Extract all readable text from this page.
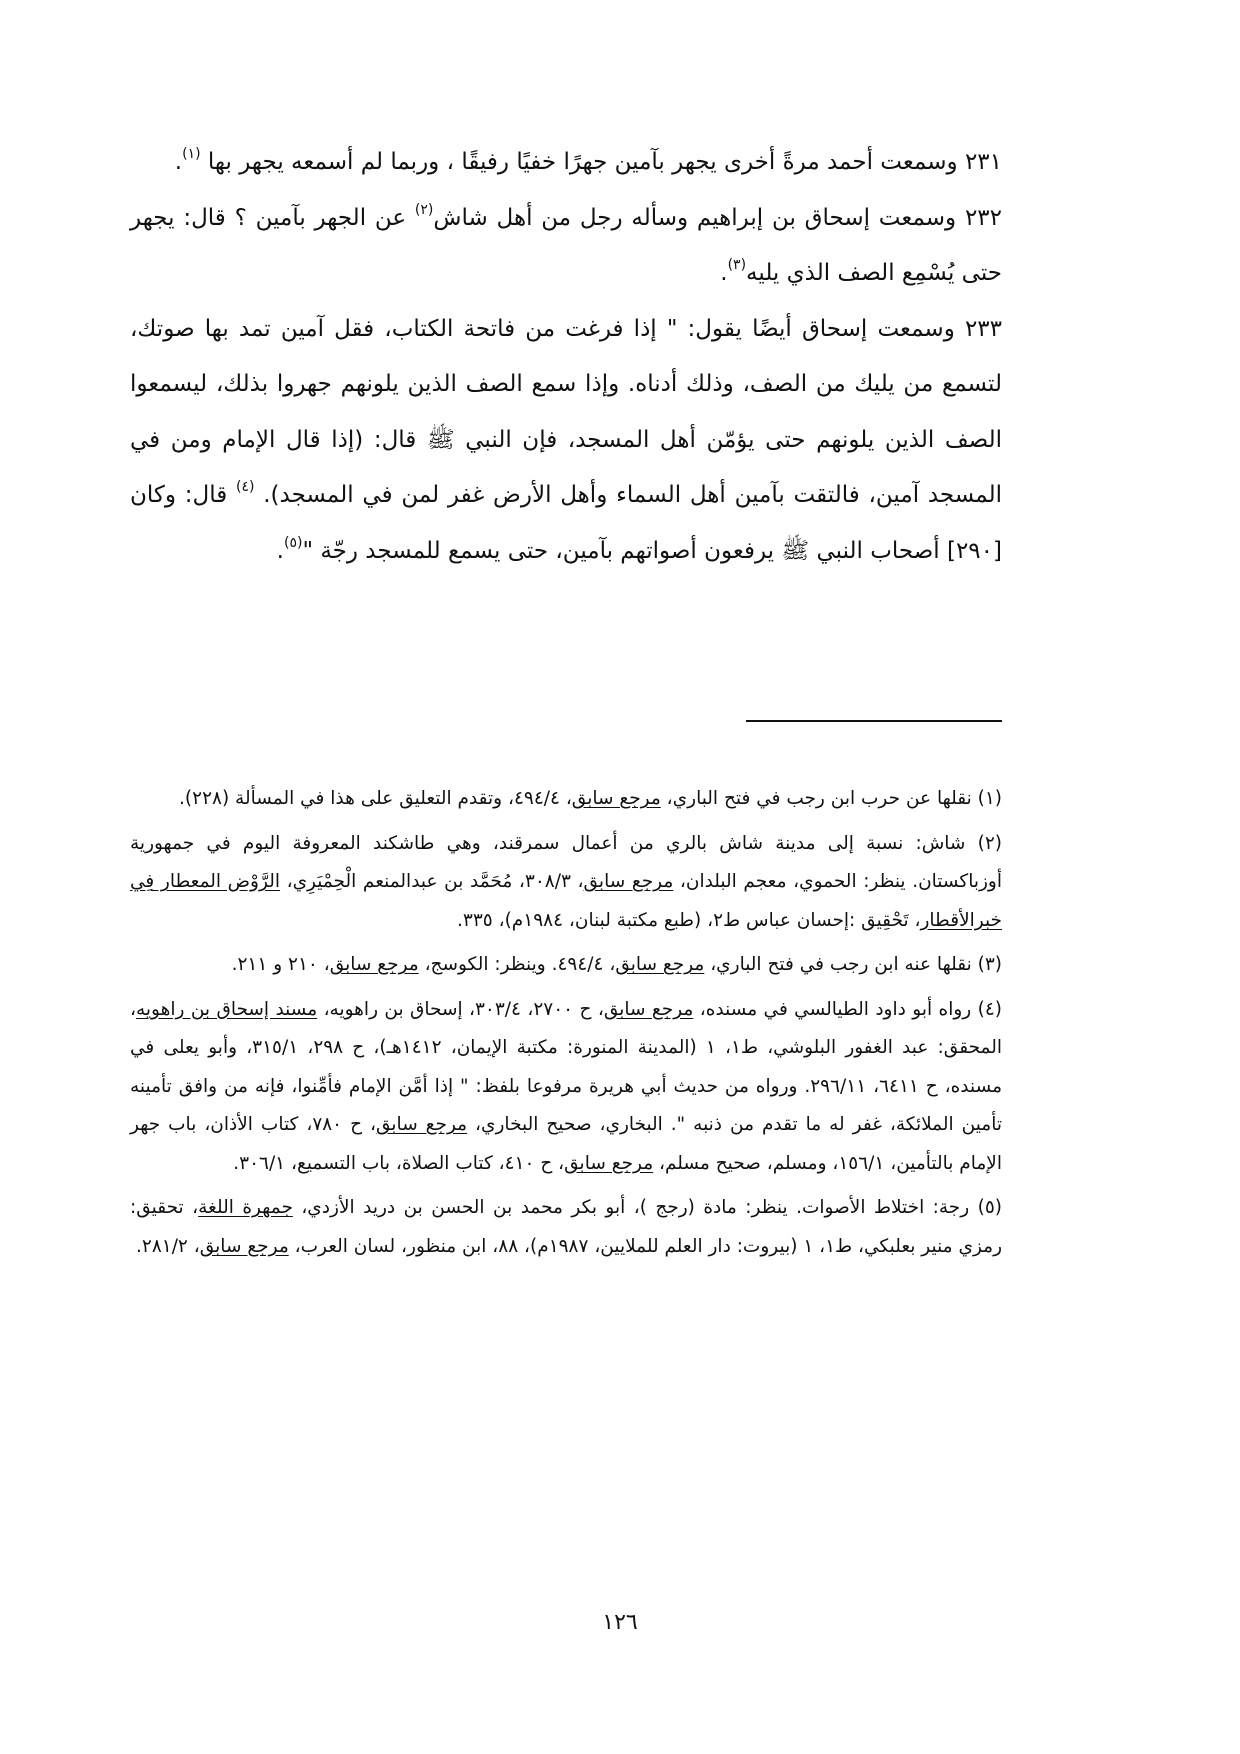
٢٣١ وسمعت أحمد مرةً أخرى يجهر بآمين جهرًا خفيًا رفيقًا ، وربما لم أسمعه يجهر بها $^{(١)}$.

٢٣٢ وسمعت إسحاق بن إبراهيم وسأله رجل من أهل شاش$^{(٢)}$ عن الجهر بآمين ؟ قال: يجهر حتى يُسْمِع الصف الذي يليه$^{(٣)}$.

٢٣٣ وسمعت إسحاق أيضًا يقول: " إذا فرغت من فاتحة الكتاب، فقل آمين تمد بها صوتك، لتسمع من يليك من الصف، وذلك أدناه. وإذا سمع الصف الذين يلونهم جهروا بذلك، ليسمعوا الصف الذين يلونهم حتى يؤمّن أهل المسجد، فإن النبي ﷺ قال: (إذا قال الإمام ومن في المسجد آمين، فالتقت بآمين أهل السماء وأهل الأرض غفر لمن في المسجد). $^{(٤)}$ قال: وكان [٢٩٠] أصحاب النبي ﷺ يرفعون أصواتهم بآمين، حتى يسمع للمسجد رجّة "$^{(٥)}$.

(١) نقلها عن حرب ابن رجب في فتح الباري، مرجع سابق، ٤٩٤/٤، وتقدم التعليق على هذا في المسألة (٢٢٨).

(٢) شاش: نسبة إلى مدينة شاش بالري من أعمال سمرقند، وهي طاشكند المعروفة اليوم في جمهورية أوزباكستان. ينظر: الحموي، معجم البلدان، مرجع سابق، ٣٠٨/٣، مُحَمَّد بن عبدالمنعم الْحِمْيَرِي، الرَّوْض المعطار فِي خبرالأقطار، تَحْقِيق :إحسان عباس ط٢، (طبع مكتبة لبنان، ١٩٨٤م)، ٣٣٥.

(٣) نقلها عنه ابن رجب في فتح الباري، مرجع سابق، ٤٩٤/٤. وينظر: الكوسج، مرجع سابق، ٢١٠ و ٢١١.

(٤) رواه أبو داود الطيالسي في مسنده، مرجع سابق، ح ٢٧٠٠، ٣٠٣/٤، إسحاق بن راهويه، مسند إسحاق بن راهويه، المحقق: عبد الغفور البلوشي، ط١، ١ (المدينة المنورة: مكتبة الإيمان، ١٤١٢هـ)، ح ٢٩٨، ٣١٥/١، وأبو يعلى في مسنده، ح ٦٤١١، ٢٩٦/١١. ورواه من حديث أبي هريرة مرفوعا بلفظ: " إذا أمَّن الإمام فأمِّنوا، فإنه من وافق تأمينه تأمين الملائكة، غفر له ما تقدم من ذنبه ". البخاري، صحيح البخاري، مرجع سابق، ح ٧٨٠، كتاب الأذان، باب جهر الإمام بالتأمين، ١٥٦/١، ومسلم، صحيح مسلم، مرجع سابق، ح ٤١٠، كتاب الصلاة، باب التسميع، ٣٠٦/١.

(٥) رجة: اختلاط الأصوات. ينظر: مادة (رجج )، أبو بكر محمد بن الحسن بن دريد الأزدي، جمهرة اللغة، تحقيق: رمزي منير بعلبكي، ط١، ١ (بيروت: دار العلم للملايين، ١٩٨٧م)، ٨٨، ابن منظور، لسان العرب، مرجع سابق، ٢٨١/٢.

١٢٦
